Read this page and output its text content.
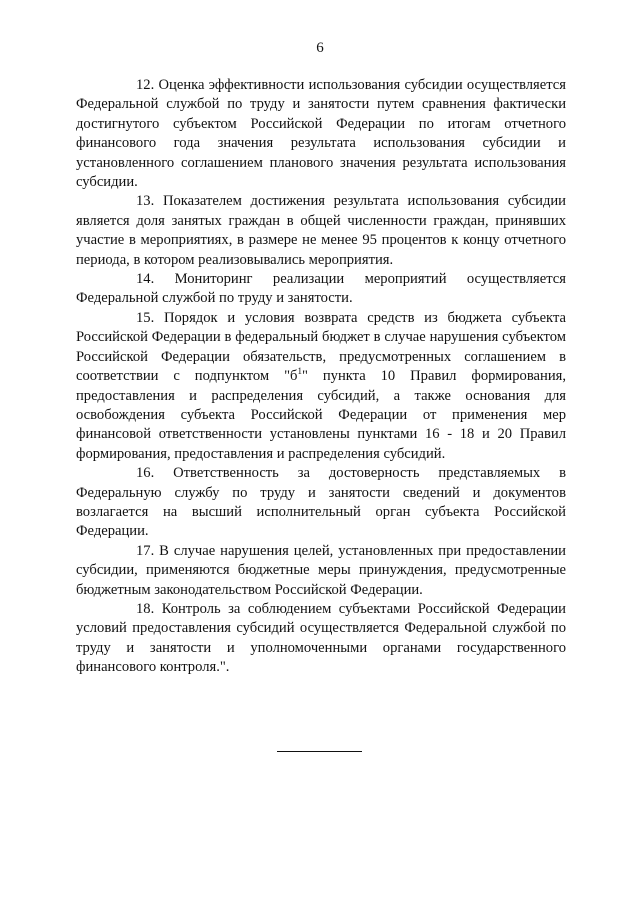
6

12. Оценка эффективности использования субсидии осуществляется Федеральной службой по труду и занятости путем сравнения фактически достигнутого субъектом Российской Федерации по итогам отчетного финансового года значения результата использования субсидии и установленного соглашением планового значения результата использования субсидии.

13. Показателем достижения результата использования субсидии является доля занятых граждан в общей численности граждан, принявших участие в мероприятиях, в размере не менее 95 процентов к концу отчетного периода, в котором реализовывались мероприятия.

14. Мониторинг реализации мероприятий осуществляется Федеральной службой по труду и занятости.

15. Порядок и условия возврата средств из бюджета субъекта Российской Федерации в федеральный бюджет в случае нарушения субъектом Российской Федерации обязательств, предусмотренных соглашением в соответствии с подпунктом "$б^1$" пункта 10 Правил формирования, предоставления и распределения субсидий, а также основания для освобождения субъекта Российской Федерации от применения мер финансовой ответственности установлены пунктами 16 - 18 и 20 Правил формирования, предоставления и распределения субсидий.

16. Ответственность за достоверность представляемых в Федеральную службу по труду и занятости сведений и документов возлагается на высший исполнительный орган субъекта Российской Федерации.

17. В случае нарушения целей, установленных при предоставлении субсидии, применяются бюджетные меры принуждения, предусмотренные бюджетным законодательством Российской Федерации.

18. Контроль за соблюдением субъектами Российской Федерации условий предоставления субсидий осуществляется Федеральной службой по труду и занятости и уполномоченными органами государственного финансового контроля.".
